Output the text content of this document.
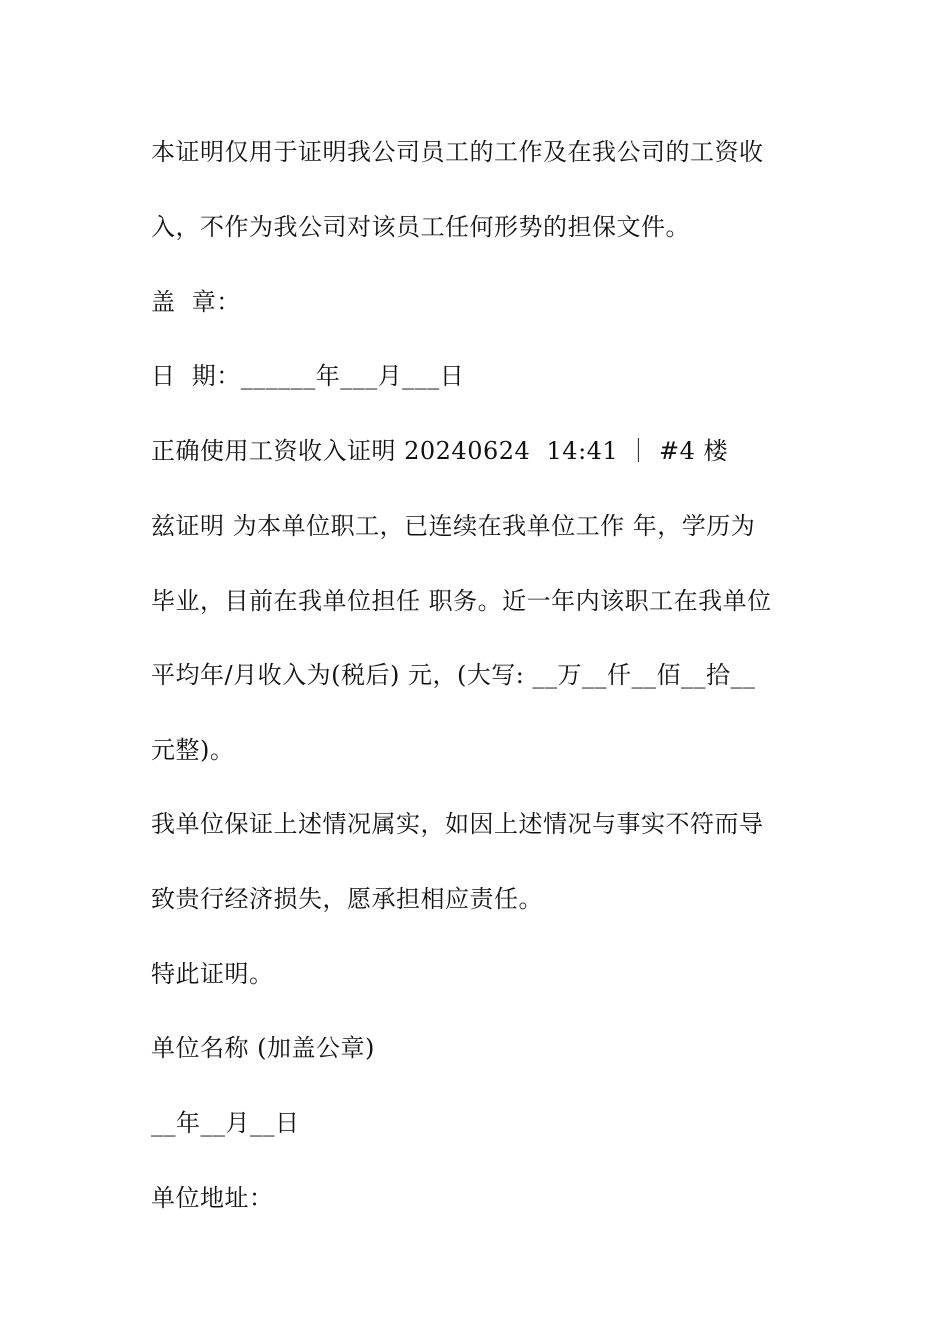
本证明仅用于证明我公司员工的工作及在我公司的工资收
入，不作为我公司对该员工任何形势的担保文件。
盖  章：
日  期：______年___月___日
正确使用工资收入证明 20240624  14:41 ｜ #4 楼
兹证明 为本单位职工，已连续在我单位工作 年，学历为
毕业，目前在我单位担任 职务。近一年内该职工在我单位
平均年/月收入为(税后) 元，(大写: __万__仟__佰__拾__
元整)。
我单位保证上述情况属实，如因上述情况与事实不符而导
致贵行经济损失，愿承担相应责任。
特此证明。
单位名称 (加盖公章)
__年__月__日
单位地址：
